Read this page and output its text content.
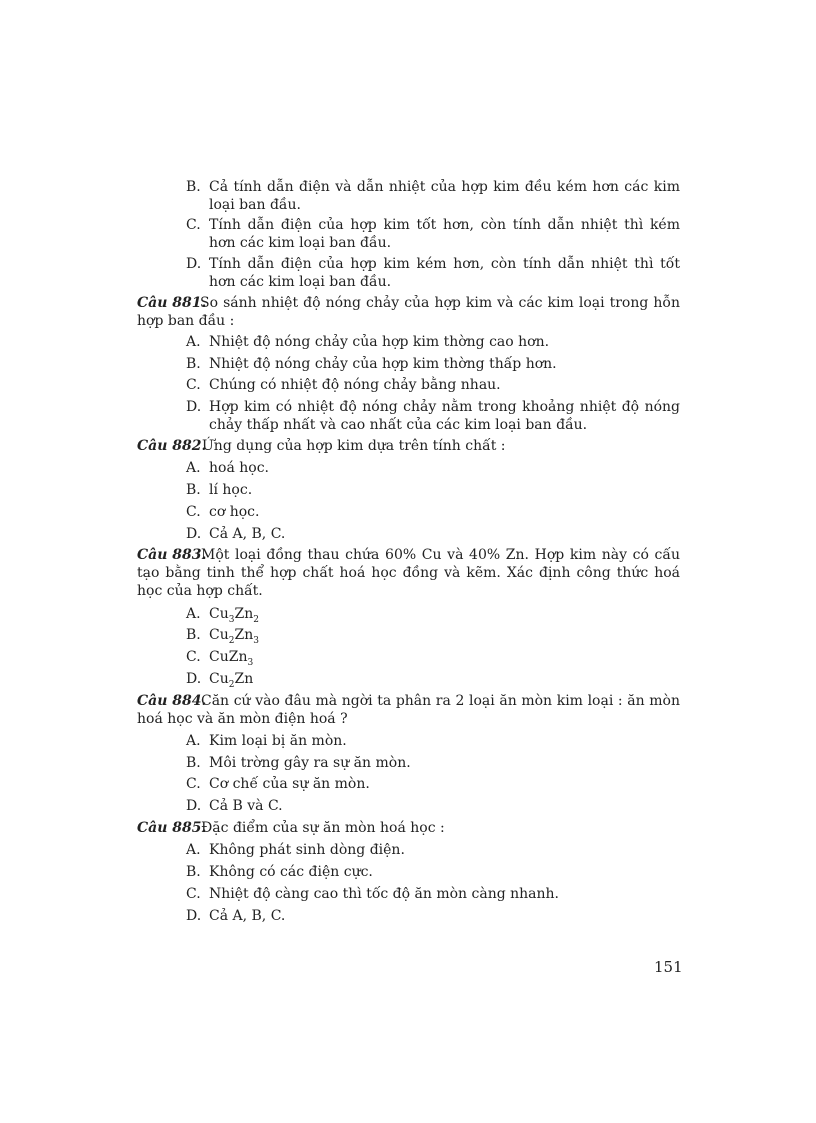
B. Cả tính dẫn điện và dẫn nhiệt của hợp kim đều kém hơn các kim loại ban đầu.
C. Tính dẫn điện của hợp kim tốt hơn, còn tính dẫn nhiệt thì kém hơn các kim loại ban đầu.
D. Tính dẫn điện của hợp kim kém hơn, còn tính dẫn nhiệt thì tốt hơn các kim loại ban đầu.
Câu 881.
So sánh nhiệt độ nóng chảy của hợp kim và các kim loại trong hỗn hợp ban đầu :
A. Nhiệt độ nóng chảy của hợp kim thờng cao hơn.
B. Nhiệt độ nóng chảy của hợp kim thờng thấp hơn.
C. Chúng có nhiệt độ nóng chảy bằng nhau.
D. Hợp kim có nhiệt độ nóng chảy nằm trong khoảng nhiệt độ nóng chảy thấp nhất và cao nhất của các kim loại ban đầu.
Câu 882.
Ứng dụng của hợp kim dựa trên tính chất :
A. hoá học.
B. lí học.
C. cơ học.
D. Cả A, B, C.
Câu 883.
Một loại đồng thau chứa 60% Cu và 40% Zn. Hợp kim này có cấu tạo bằng tinh thể hợp chất hoá học đồng và kẽm. Xác định công thức hoá học của hợp chất.
A. $Cu_3Zn_2$
B. $Cu_2Zn_3$
C. CuZn$_3$
D. $Cu_2Zn$
Câu 884.
Căn cứ vào đâu mà ngời ta phân ra 2 loại ăn mòn kim loại : ăn mòn hoá học và ăn mòn điện hoá ?
A. Kim loại bị ăn mòn.
B. Môi trờng gây ra sự ăn mòn.
C. Cơ chế của sự ăn mòn.
D. Cả B và C.
Câu 885.
Đặc điểm của sự ăn mòn hoá học :
A. Không phát sinh dòng điện.
B. Không có các điện cực.
C. Nhiệt độ càng cao thì tốc độ ăn mòn càng nhanh.
D. Cả A, B, C.
151
